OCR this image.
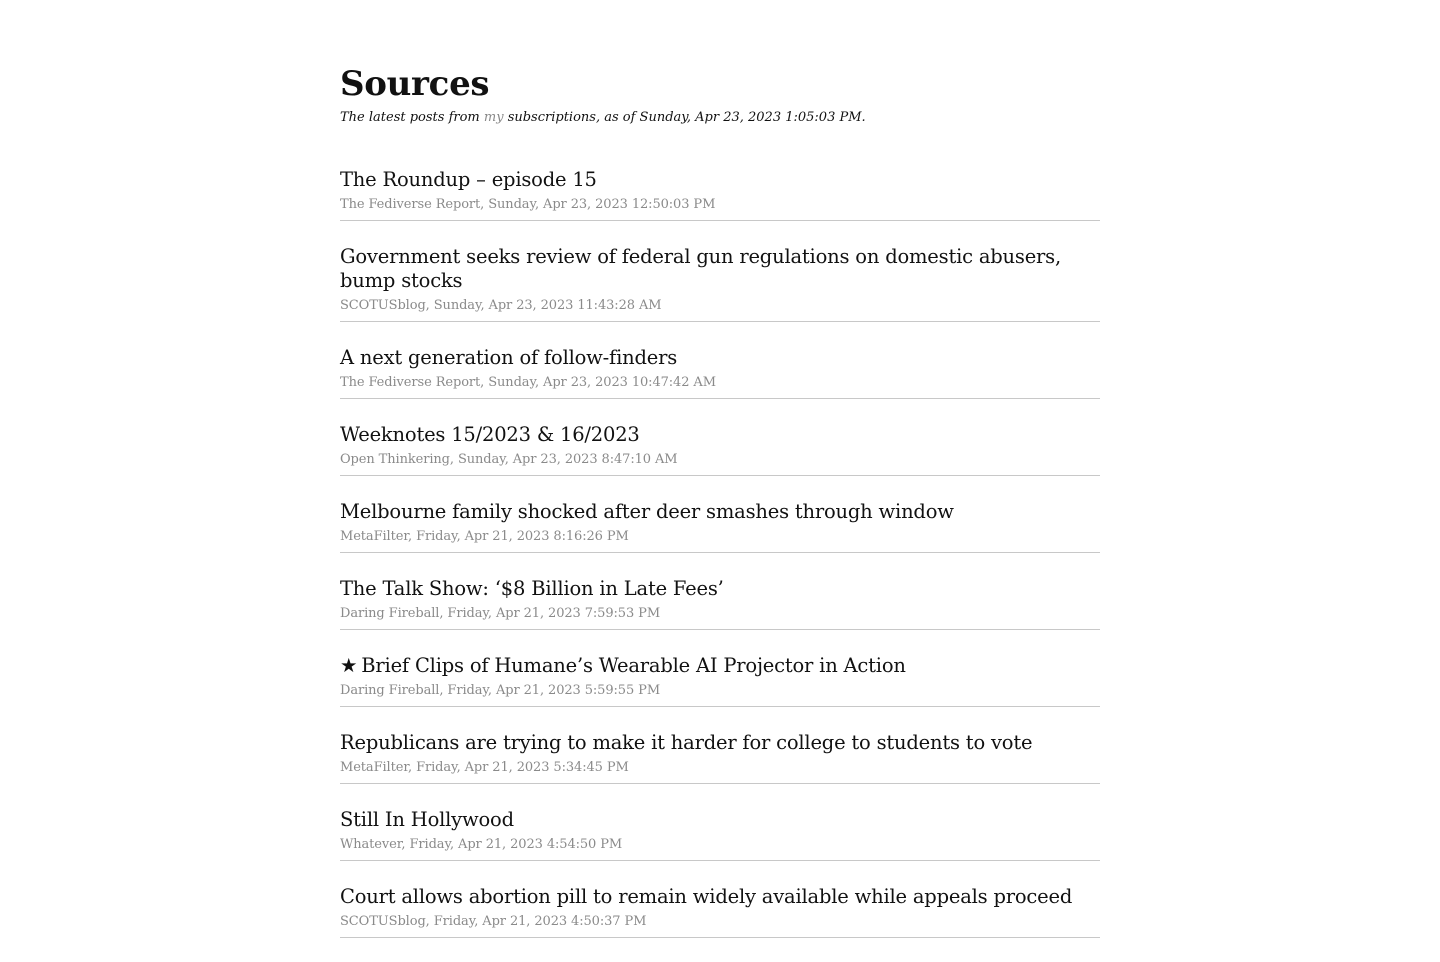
Sources
The latest posts from my subscriptions, as of Sunday, Apr 23, 2023 1:05:03 PM.
The Roundup – episode 15
The Fediverse Report, Sunday, Apr 23, 2023 12:50:03 PM
Government seeks review of federal gun regulations on domestic abusers, bump stocks
SCOTUSblog, Sunday, Apr 23, 2023 11:43:28 AM
A next generation of follow-finders
The Fediverse Report, Sunday, Apr 23, 2023 10:47:42 AM
Weeknotes 15/2023 & 16/2023
Open Thinkering, Sunday, Apr 23, 2023 8:47:10 AM
Melbourne family shocked after deer smashes through window
MetaFilter, Friday, Apr 21, 2023 8:16:26 PM
The Talk Show: ‘$8 Billion in Late Fees’
Daring Fireball, Friday, Apr 21, 2023 7:59:53 PM
★ Brief Clips of Humane’s Wearable AI Projector in Action
Daring Fireball, Friday, Apr 21, 2023 5:59:55 PM
Republicans are trying to make it harder for college to students to vote
MetaFilter, Friday, Apr 21, 2023 5:34:45 PM
Still In Hollywood
Whatever, Friday, Apr 21, 2023 4:54:50 PM
Court allows abortion pill to remain widely available while appeals proceed
SCOTUSblog, Friday, Apr 21, 2023 4:50:37 PM
